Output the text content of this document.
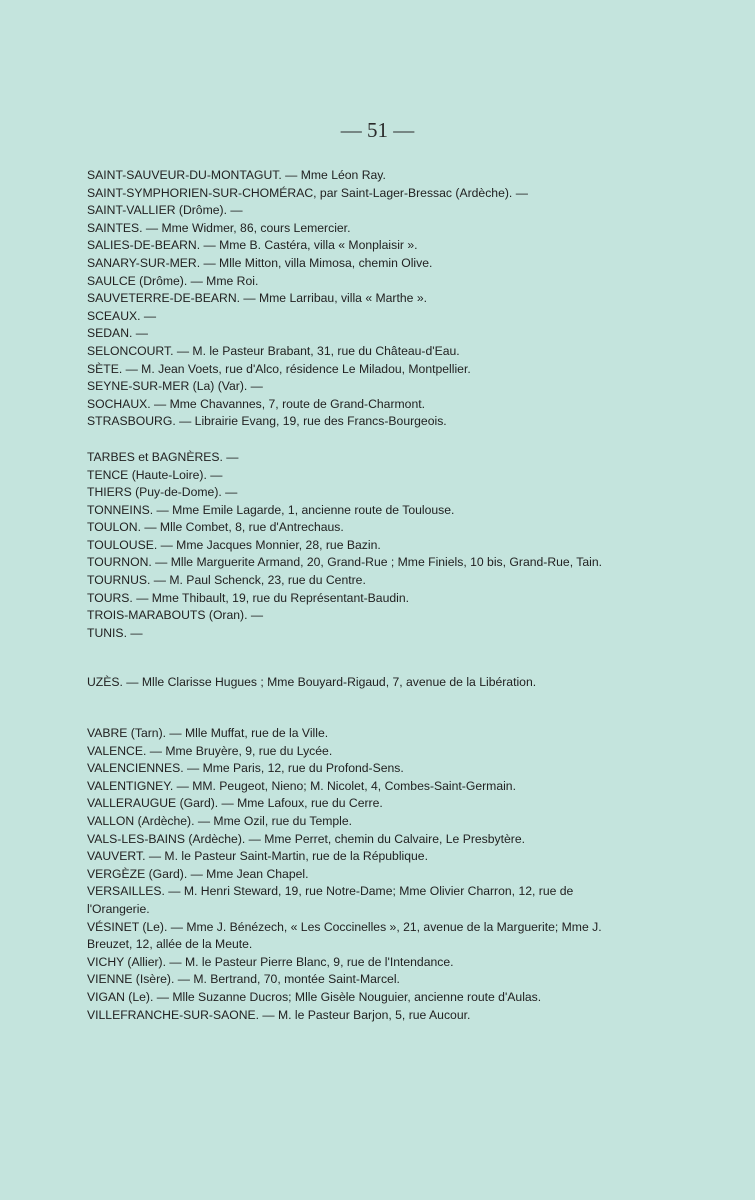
— 51 —
SAINT-SAUVEUR-DU-MONTAGUT. — Mme Léon Ray.
SAINT-SYMPHORIEN-SUR-CHOMÉRAC, par Saint-Lager-Bressac (Ardèche). —
SAINT-VALLIER (Drôme). —
SAINTES. — Mme Widmer, 86, cours Lemercier.
SALIES-DE-BEARN. — Mme B. Castéra, villa « Monplaisir ».
SANARY-SUR-MER. — Mlle Mitton, villa Mimosa, chemin Olive.
SAULCE (Drôme). — Mme Roi.
SAUVETERRE-DE-BEARN. — Mme Larribau, villa « Marthe ».
SCEAUX. —
SEDAN. —
SELONCOURT. — M. le Pasteur Brabant, 31, rue du Château-d'Eau.
SÈTE. — M. Jean Voets, rue d'Alco, résidence Le Miladou, Montpellier.
SEYNE-SUR-MER (La) (Var). —
SOCHAUX. — Mme Chavannes, 7, route de Grand-Charmont.
STRASBOURG. — Librairie Evang, 19, rue des Francs-Bourgeois.
TARBES et BAGNÈRES. —
TENCE (Haute-Loire). —
THIERS (Puy-de-Dome). —
TONNEINS. — Mme Emile Lagarde, 1, ancienne route de Toulouse.
TOULON. — Mlle Combet, 8, rue d'Antrechaus.
TOULOUSE. — Mme Jacques Monnier, 28, rue Bazin.
TOURNON. — Mlle Marguerite Armand, 20, Grand-Rue ; Mme Finiels, 10 bis, Grand-Rue, Tain.
TOURNUS. — M. Paul Schenck, 23, rue du Centre.
TOURS. — Mme Thibault, 19, rue du Représentant-Baudin.
TROIS-MARABOUTS (Oran). —
TUNIS. —
UZÈS. — Mlle Clarisse Hugues ; Mme Bouyard-Rigaud, 7, avenue de la Libération.
VABRE (Tarn). — Mlle Muffat, rue de la Ville.
VALENCE. — Mme Bruyère, 9, rue du Lycée.
VALENCIENNES. — Mme Paris, 12, rue du Profond-Sens.
VALENTIGNEY. — MM. Peugeot, Nieno; M. Nicolet, 4, Combes-Saint-Germain.
VALLERAUGUE (Gard). — Mme Lafoux, rue du Cerre.
VALLON (Ardèche). — Mme Ozil, rue du Temple.
VALS-LES-BAINS (Ardèche). — Mme Perret, chemin du Calvaire, Le Presbytère.
VAUVERT. — M. le Pasteur Saint-Martin, rue de la République.
VERGÈZE (Gard). — Mme Jean Chapel.
VERSAILLES. — M. Henri Steward, 19, rue Notre-Dame; Mme Olivier Charron, 12, rue de l'Orangerie.
VÉSINET (Le). — Mme J. Bénézech, « Les Coccinelles », 21, avenue de la Marguerite; Mme J. Breuzet, 12, allée de la Meute.
VICHY (Allier). — M. le Pasteur Pierre Blanc, 9, rue de l'Intendance.
VIENNE (Isère). — M. Bertrand, 70, montée Saint-Marcel.
VIGAN (Le). — Mlle Suzanne Ducros; Mlle Gisèle Nouguier, ancienne route d'Aulas.
VILLEFRANCHE-SUR-SAONE. — M. le Pasteur Barjon, 5, rue Aucour.
